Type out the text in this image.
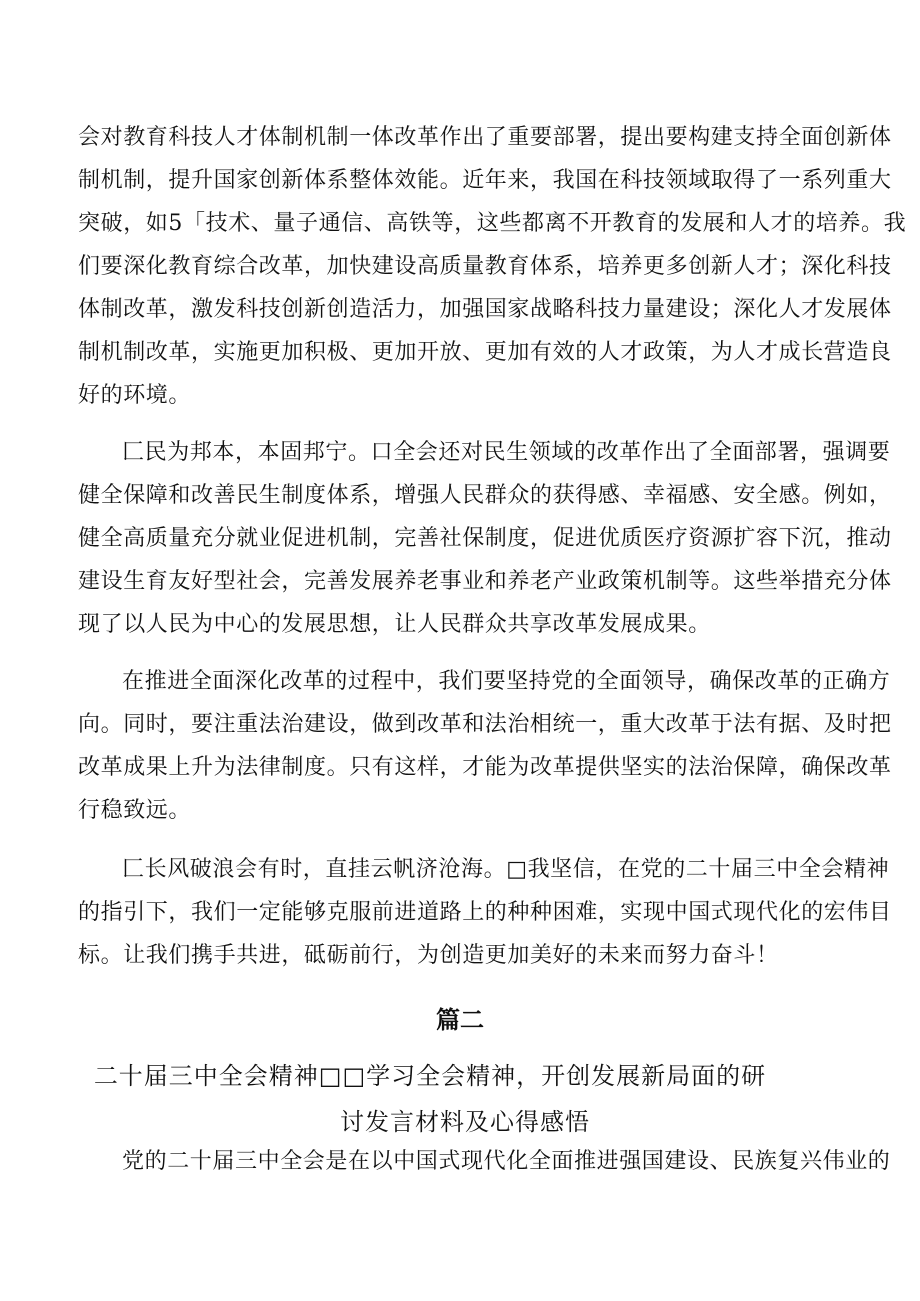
会对教育科技人才体制机制一体改革作出了重要部署，提出要构建支持全面创新体
制机制，提升国家创新体系整体效能。近年来，我国在科技领域取得了一系列重大
突破，如5「技术、量子通信、高铁等，这些都离不开教育的发展和人才的培养。我
们要深化教育综合改革，加快建设高质量教育体系，培养更多创新人才；深化科技
体制改革，激发科技创新创造活力，加强国家战略科技力量建设；深化人才发展体
制机制改革，实施更加积极、更加开放、更加有效的人才政策，为人才成长营造良
好的环境。

匚民为邦本，本固邦宁。口全会还对民生领域的改革作出了全面部署，强调要
健全保障和改善民生制度体系，增强人民群众的获得感、幸福感、安全感。例如，
健全高质量充分就业促进机制，完善社保制度，促进优质医疗资源扩容下沉，推动
建设生育友好型社会，完善发展养老事业和养老产业政策机制等。这些举措充分体
现了以人民为中心的发展思想，让人民群众共享改革发展成果。

在推进全面深化改革的过程中，我们要坚持党的全面领导，确保改革的正确方
向。同时，要注重法治建设，做到改革和法治相统一，重大改革于法有据、及时把
改革成果上升为法律制度。只有这样，才能为改革提供坚实的法治保障，确保改革
行稳致远。

匚长风破浪会有时，直挂云帆济沧海。□我坚信，在党的二十届三中全会精神
的指引下，我们一定能够克服前进道路上的种种困难，实现中国式现代化的宏伟目
标。让我们携手共进，砥砺前行，为创造更加美好的未来而努力奋斗！

篇二
二十届三中全会精神□□学习全会精神，开创发展新局面的研
讨发言材料及心得感悟

党的二十届三中全会是在以中国式现代化全面推进强国建设、民族复兴伟业的
